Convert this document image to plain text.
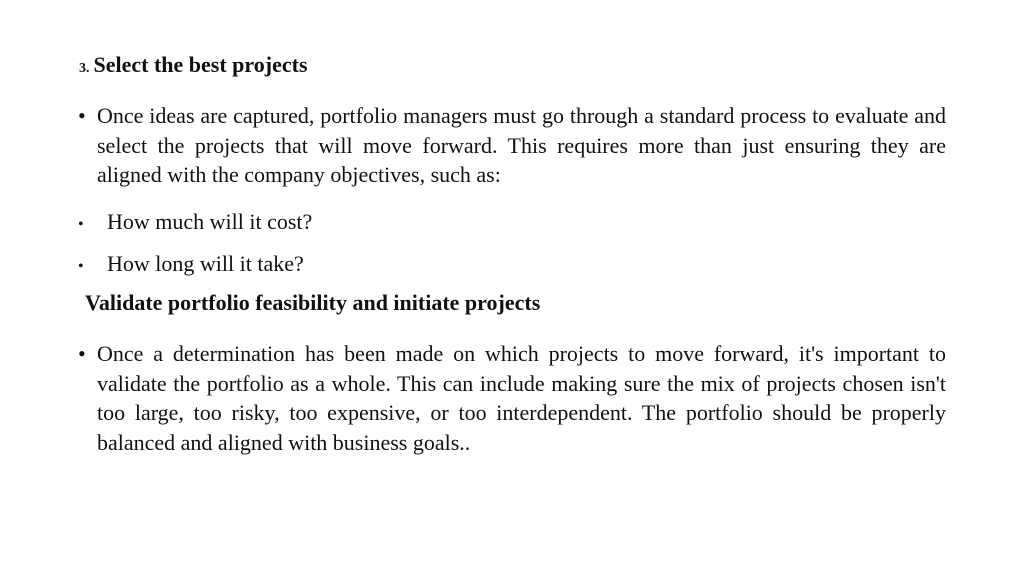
3. Select the best projects
• Once ideas are captured, portfolio managers must go through a standard process to evaluate and select the projects that will move forward. This requires more than just ensuring they are aligned with the company objectives, such as:
•	How much will it cost?
•	How long will it take?
Validate portfolio feasibility and initiate projects
• Once a determination has been made on which projects to move forward, it's important to validate the portfolio as a whole. This can include making sure the mix of projects chosen isn't too large, too risky, too expensive, or too interdependent. The portfolio should be properly balanced and aligned with business goals..
